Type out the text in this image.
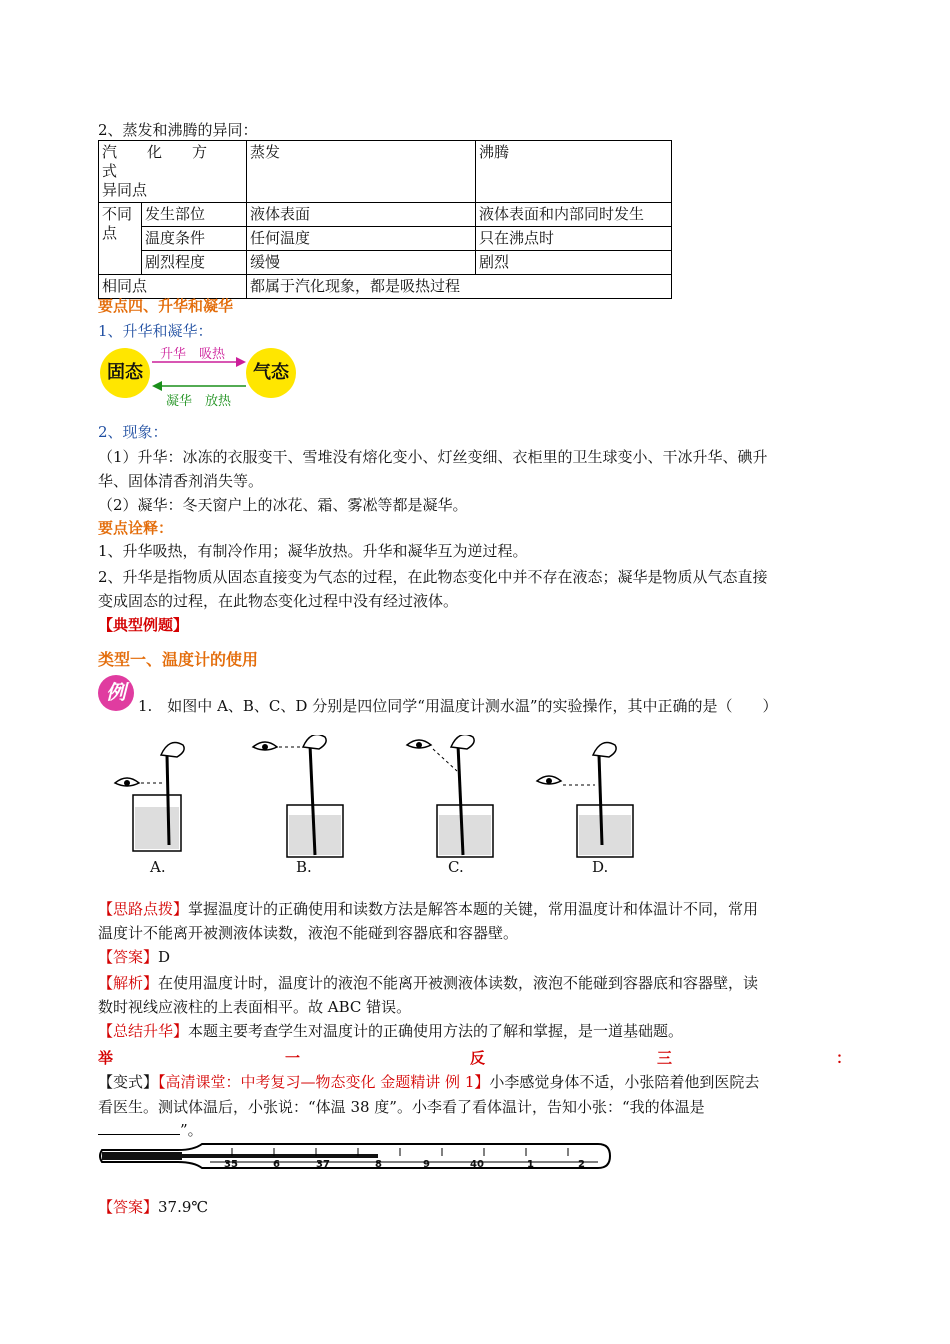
2、蒸发和沸腾的异同：
汽　　化　　方　　式
异同点		蒸发	沸腾
不同点	发生部位	液体表面	液体表面和内部同时发生
	温度条件	任何温度	只在沸点时
	剧烈程度	缓慢	剧烈
相同点		都属于汽化现象，都是吸热过程	
要点四、升华和凝华
1、升华和凝华：
固态	气态
升华　吸热
凝华　放热
2、现象：
（1）升华：冰冻的衣服变干、雪堆没有熔化变小、灯丝变细、衣柜里的卫生球变小、干冰升华、碘升
华、固体清香剂消失等。
（2）凝华：冬天窗户上的冰花、霜、雾凇等都是凝华。
要点诠释：
1、升华吸热，有制冷作用；凝华放热。升华和凝华互为逆过程。
2、升华是指物质从固态直接变为气态的过程，在此物态变化中并不存在液态；凝华是物质从气态直接
变成固态的过程，在此物态变化过程中没有经过液体。
【典型例题】
类型一、温度计的使用
例
1.　如图中 A、B、C、D 分别是四位同学“用温度计测水温”的实验操作，其中正确的是（　　）
A.	B.	C.	D.
【思路点拨】掌握温度计的正确使用和读数方法是解答本题的关键，常用温度计和体温计不同，常用
温度计不能离开被测液体读数，液泡不能碰到容器底和容器壁。
【答案】D
【解析】在使用温度计时，温度计的液泡不能离开被测液体读数，液泡不能碰到容器底和容器壁，读
数时视线应液柱的上表面相平。故 ABC 错误。
【总结升华】本题主要考查学生对温度计的正确使用方法的了解和掌握，是一道基础题。
举	一	反	三	：
【变式】【高清课堂：中考复习—物态变化 金题精讲 例 1】小李感觉身体不适，小张陪着他到医院去
看医生。测试体温后，小张说：“体温 38 度”。小李看了看体温计，告知小张：“我的体温是
”。
35	6	37	8	9	40	1	2
【答案】37.9℃
